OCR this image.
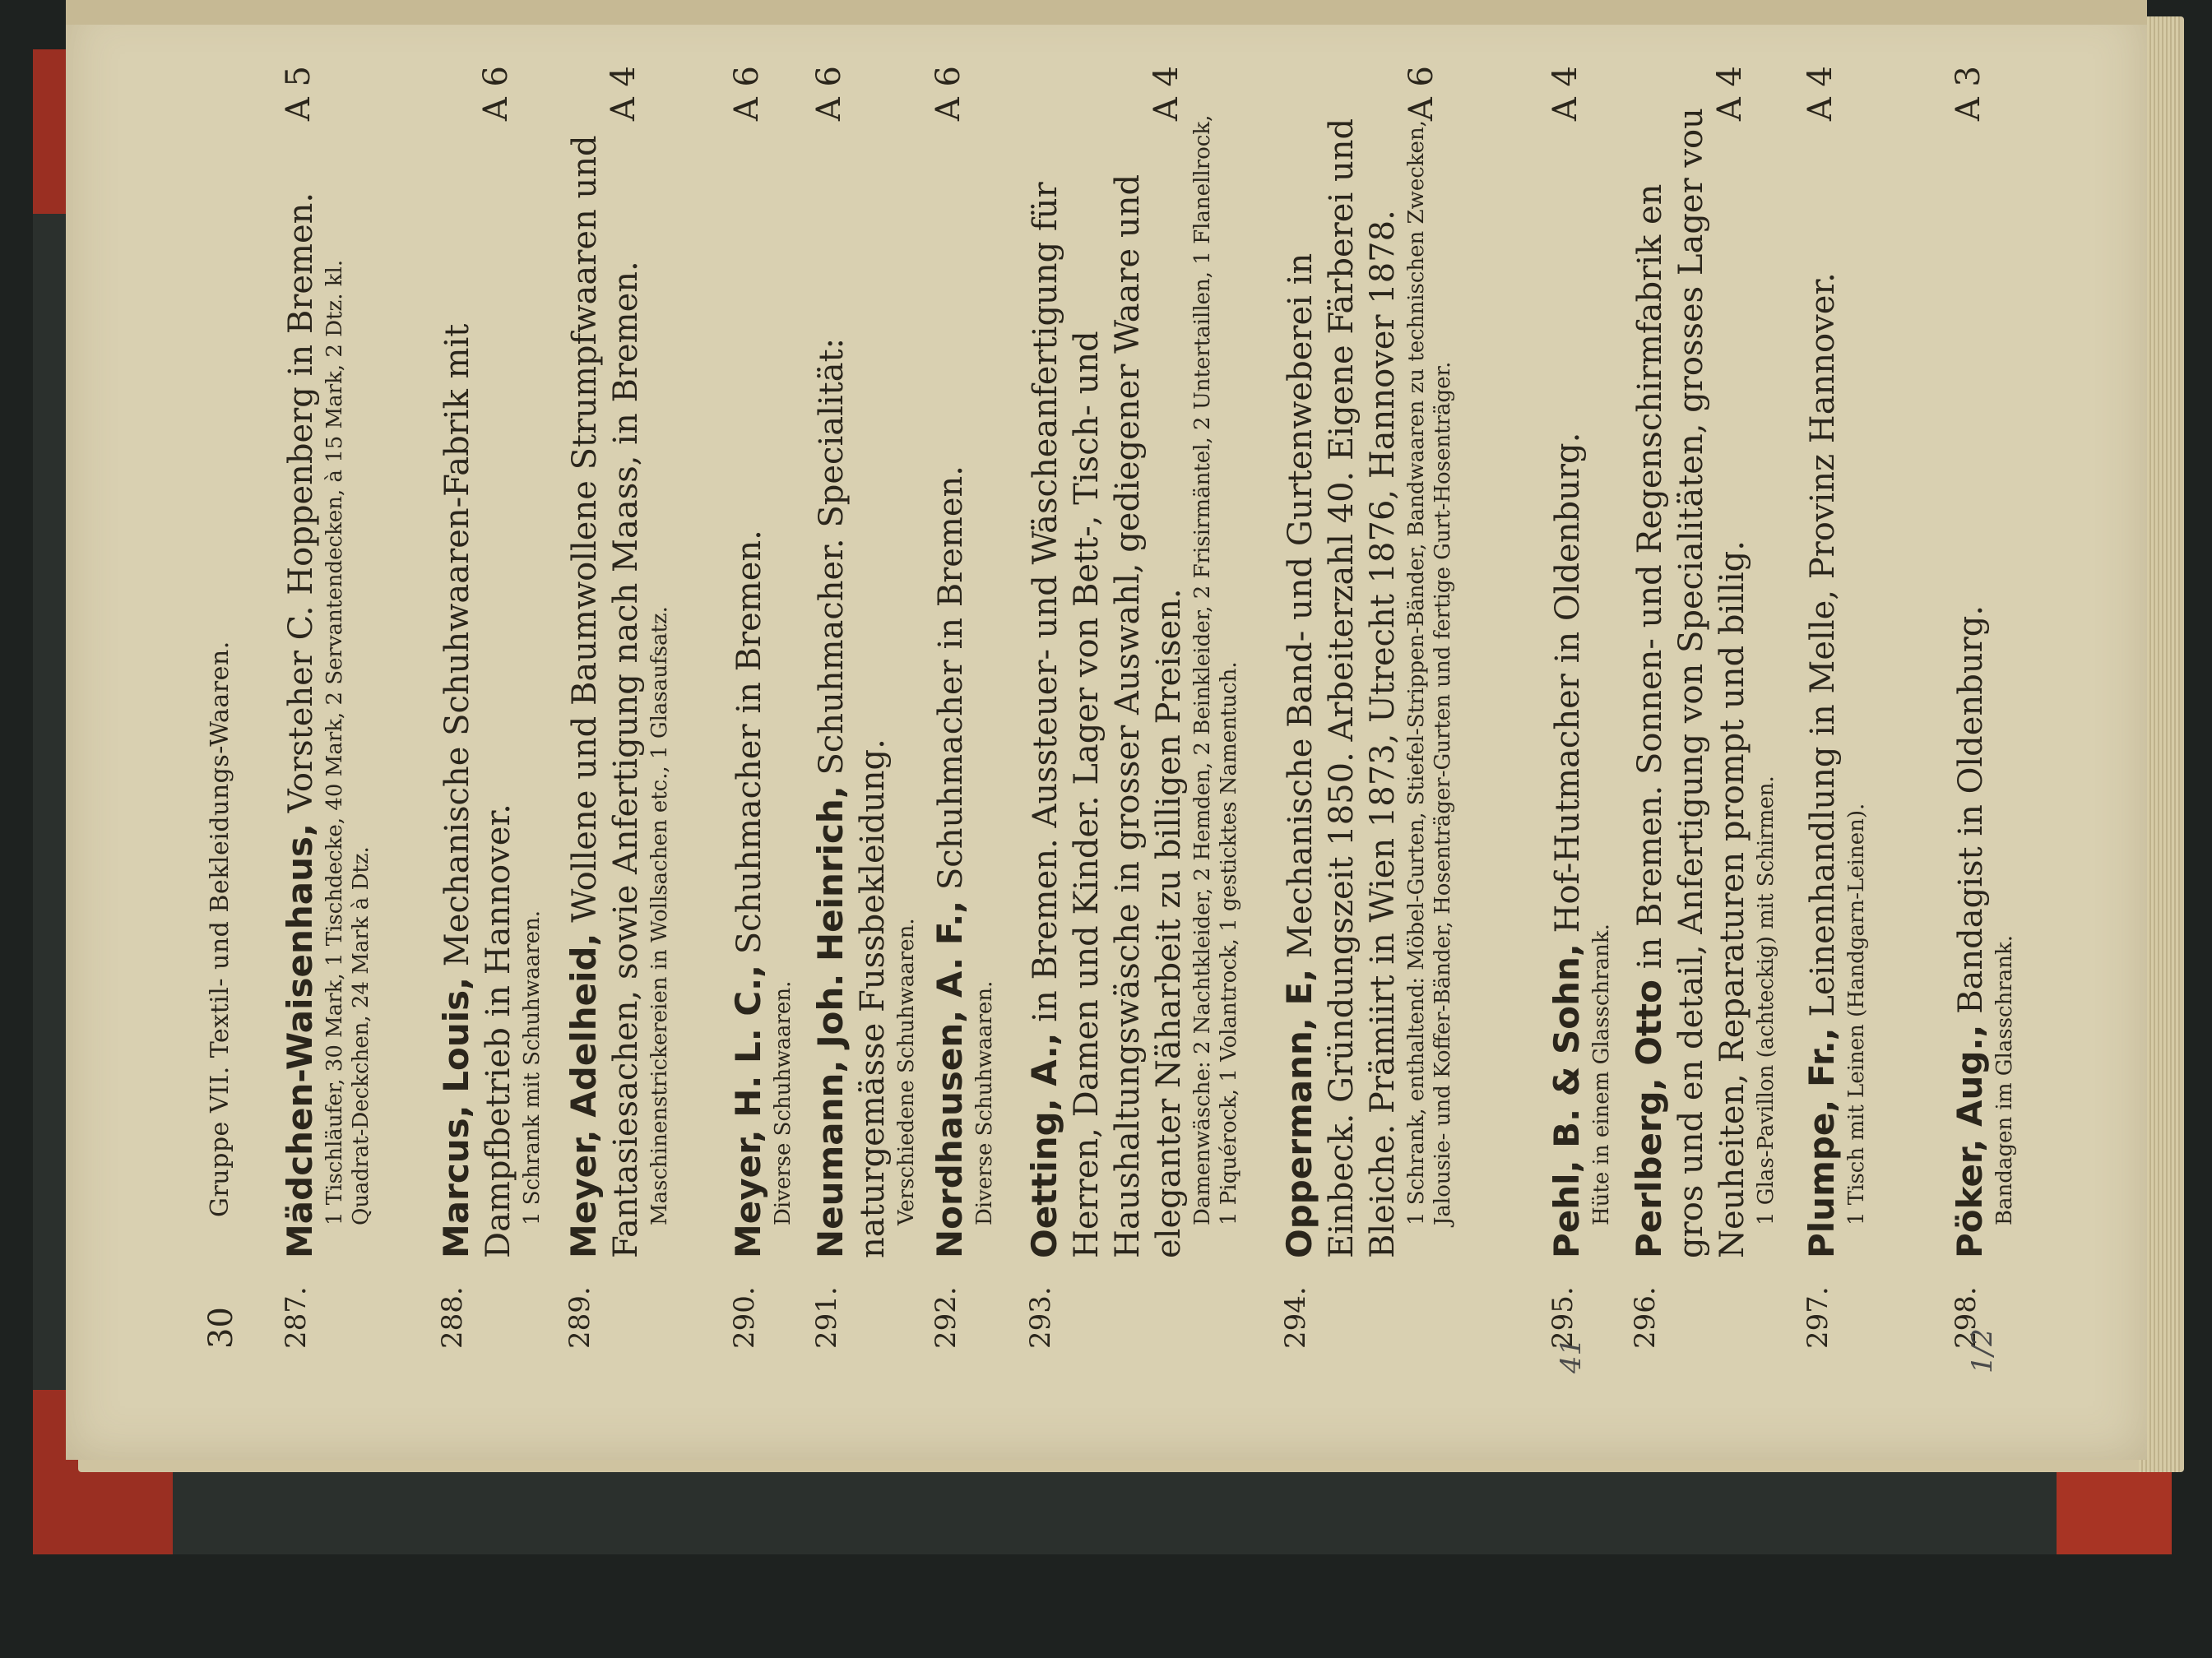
30
Gruppe VII. Textil- und Bekleidungs-Waaren.
287.
A 5
Mädchen-Waisenhaus, Vorsteher C. Hoppenberg in Bremen. 1 Tischläufer, 30 Mark, 1 Tischdecke, 40 Mark, 2 Servantendecken, à 15 Mark, 2 Dtz. kl. Quadrat-Deckchen, 24 Mark à Dtz.
288.
A 6
Marcus, Louis, Mechanische Schuhwaaren-Fabrik mit Dampfbetrieb in Hannover. 1 Schrank mit Schuhwaaren.
289.
A 4
Meyer, Adelheid, Wollene und Baumwollene Strumpfwaaren und Fantasiesachen, sowie Anfertigung nach Maass, in Bremen. Maschinenstrickereien in Wollsachen etc., 1 Glasaufsatz.
290.
A 6
Meyer, H. L. C., Schuhmacher in Bremen.
Diverse Schuhwaaren.
291.
A 6
Neumann, Joh. Heinrich, Schuhmacher. Specialität: naturgemässe Fussbekleidung. Verschiedene Schuhwaaren.
292.
A 6
Nordhausen, A. F., Schuhmacher in Bremen.
Diverse Schuhwaaren.
293.
A 4
Oetting, A., in Bremen. Aussteuer- und Wäscheanfertigung für Herren, Damen und Kinder. Lager von Bett-, Tisch- und Haushaltungswäsche in grosser Auswahl, gediegener Waare und eleganter Näharbeit zu billigen Preisen. Damenwäsche: 2 Nachtkleider, 2 Hemden, 2 Beinkleider, 2 Frisirmäntel, 2 Untertaillen, 1 Flanellrock, 1 Piquérock, 1 Volantrock, 1 gesticktes Namentuch.
294.
A 6
Oppermann, E, Mechanische Band- und Gurtenweberei in Einbeck. Gründungszeit 1850. Arbeiterzahl 40. Eigene Färberei und Bleiche. Prämiirt in Wien 1873, Utrecht 1876, Hannover 1878. 1 Schrank, enthaltend: Möbel-Gurten, Stiefel-Strippen-Bänder, Bandwaaren zu technischen Zwecken, Jalousie- und Koffer-Bänder, Hosenträger-Gurten und fertige Gurt-Hosenträger.
295.
A 4
Pehl, B. & Sohn, Hof-Hutmacher in Oldenburg.
Hüte in einem Glasschrank.
296.
A 4
Perlberg, Otto in Bremen. Sonnen- und Regenschirmfabrik en gros und en detail, Anfertigung von Specialitäten, grosses Lager vou Neuheiten, Reparaturen prompt und billig. 1 Glas-Pavillon (achteckig) mit Schirmen.
297.
A 4
Plumpe, Fr., Leinenhandlung in Melle, Provinz Hannover. 1 Tisch mit Leinen (Handgarn-Leinen).
298.
A 3
Pöker, Aug., Bandagist in Oldenburg.
Bandagen im Glasschrank.
41	1/2
